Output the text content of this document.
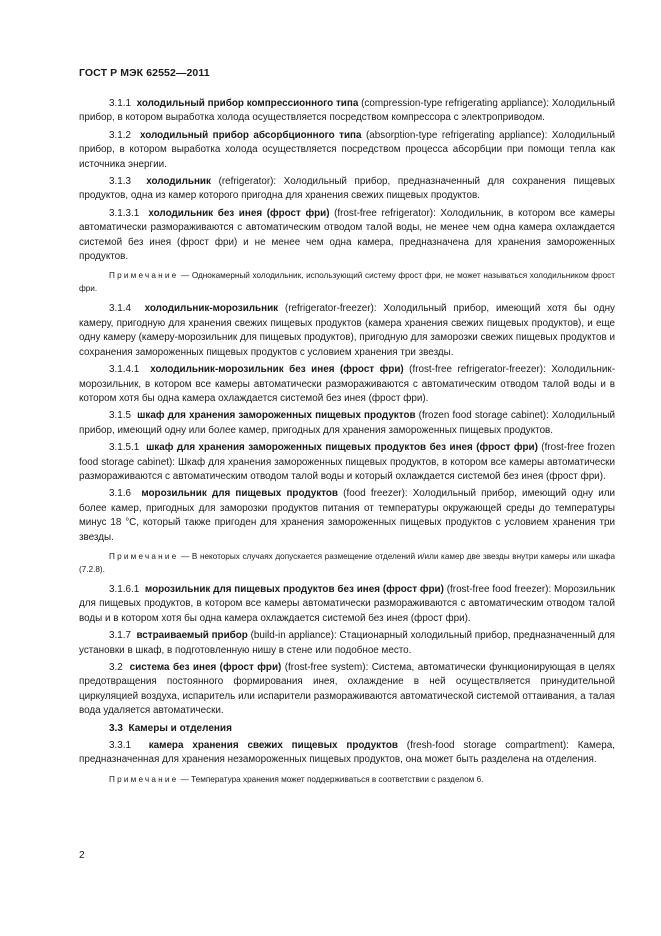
ГОСТ Р МЭК 62552—2011

3.1.1 холодильный прибор компрессионного типа (compression-type refrigerating appliance): Холодильный прибор, в котором выработка холода осуществляется посредством компрессора с электроприводом.

3.1.2 холодильный прибор абсорбционного типа (absorption-type refrigerating appliance): Холодильный прибор, в котором выработка холода осуществляется посредством процесса абсорбции при помощи тепла как источника энергии.

3.1.3 холодильник (refrigerator): Холодильный прибор, предназначенный для сохранения пищевых продуктов, одна из камер которого пригодна для хранения свежих пищевых продуктов.

3.1.3.1 холодильник без инея (фрост фри) (frost-free refrigerator): Холодильник, в котором все камеры автоматически размораживаются с автоматическим отводом талой воды, не менее чем одна камера охлаждается системой без инея (фрост фри) и не менее чем одна камера, предназначена для хранения замороженных продуктов.

Примечание — Однокамерный холодильник, использующий систему фрост фри, не может называться холодильником фрост фри.

3.1.4 холодильник-морозильник (refrigerator-freezer): Холодильный прибор, имеющий хотя бы одну камеру, пригодную для хранения свежих пищевых продуктов (камера хранения свежих пищевых продуктов), и еще одну камеру (камеру-морозильник для пищевых продуктов), пригодную для заморозки свежих пищевых продуктов и сохранения замороженных пищевых продуктов с условием хранения три звезды.

3.1.4.1 холодильник-морозильник без инея (фрост фри) (frost-free refrigerator-freezer): Холодильник-морозильник, в котором все камеры автоматически размораживаются с автоматическим отводом талой воды и в котором хотя бы одна камера охлаждается системой без инея (фрост фри).

3.1.5 шкаф для хранения замороженных пищевых продуктов (frozen food storage cabinet): Холодильный прибор, имеющий одну или более камер, пригодных для хранения замороженных пищевых продуктов.

3.1.5.1 шкаф для хранения замороженных пищевых продуктов без инея (фрост фри) (frost-free frozen food storage cabinet): Шкаф для хранения замороженных пищевых продуктов, в котором все камеры автоматически размораживаются с автоматическим отводом талой воды и который охлаждается системой без инея (фрост фри).

3.1.6 морозильник для пищевых продуктов (food freezer): Холодильный прибор, имеющий одну или более камер, пригодных для заморозки продуктов питания от температуры окружающей среды до температуры минус 18 °С, который также пригоден для хранения замороженных пищевых продуктов с условием хранения три звезды.

Примечание — В некоторых случаях допускается размещение отделений и/или камер две звезды внутри камеры или шкафа (7.2.8).

3.1.6.1 морозильник для пищевых продуктов без инея (фрост фри) (frost-free food freezer): Морозильник для пищевых продуктов, в котором все камеры автоматически размораживаются с автоматическим отводом талой воды и в котором хотя бы одна камера охлаждается системой без инея (фрост фри).

3.1.7 встраиваемый прибор (build-in appliance): Стационарный холодильный прибор, предназначенный для установки в шкаф, в подготовленную нишу в стене или подобное место.

3.2 система без инея (фрост фри) (frost-free system): Система, автоматически функционирующая в целях предотвращения постоянного формирования инея, охлаждение в ней осуществляется принудительной циркуляцией воздуха, испаритель или испарители размораживаются автоматической системой оттаивания, а талая вода удаляется автоматически.

3.3 Камеры и отделения

3.3.1 камера хранения свежих пищевых продуктов (fresh-food storage compartment): Камера, предназначенная для хранения незамороженных пищевых продуктов, она может быть разделена на отделения.

Примечание — Температура хранения может поддерживаться в соответствии с разделом 6.

2
